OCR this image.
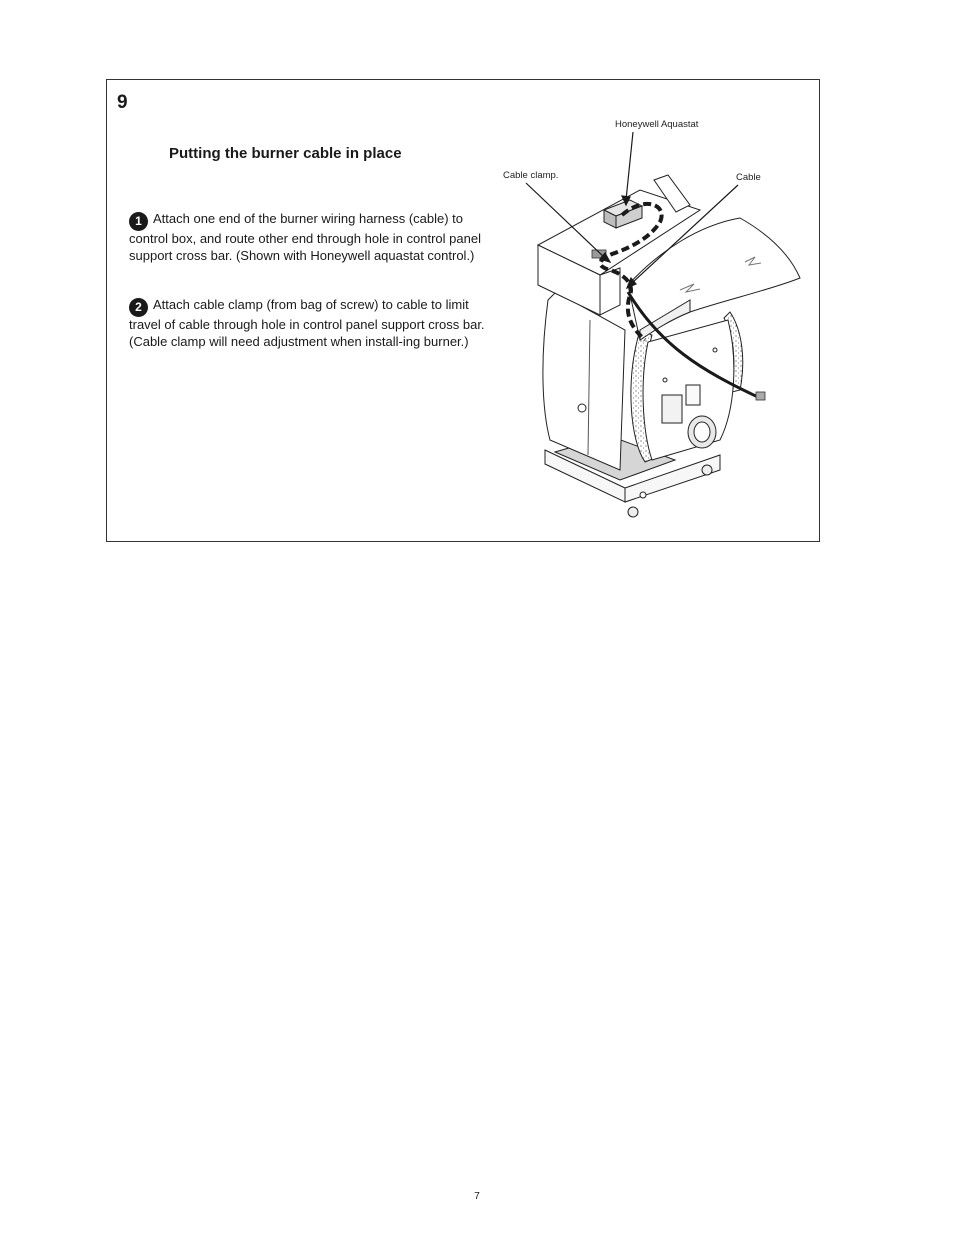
9
Putting the burner cable in place
1 Attach one end of the burner wiring harness (cable) to control box, and route other end through hole in control panel support cross bar. (Shown with Honeywell aquastat control.)
2 Attach cable clamp (from bag of screw) to cable to limit travel of cable through hole in control panel support cross bar. (Cable clamp will need adjustment when install-ing burner.)
Honeywell Aquastat
Cable clamp.	Cable
7
